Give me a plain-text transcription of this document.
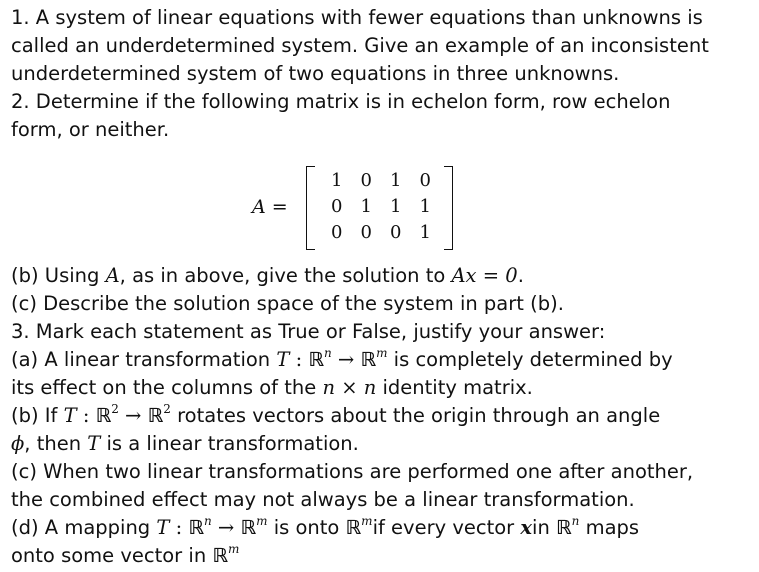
1. A system of linear equations with fewer equations than unknowns is
called an underdetermined system. Give an example of an inconsistent
underdetermined system of two equations in three unknowns.
2. Determine if the following matrix is in echelon form, row echelon
form, or neither.
A =
1	0	1	0
0	1	1	1
0	0	0	1
(b) Using A, as in above, give the solution to Ax = 0.
(c) Describe the solution space of the system in part (b).
3. Mark each statement as True or False, justify your answer:
(a) A linear transformation T : ℝ$^n$ → ℝ$^m$ is completely determined by
its effect on the columns of the n × n identity matrix.
(b) If T : ℝ$^2$ → ℝ$^2$ rotates vectors about the origin through an angle
ϕ, then T is a linear transformation.
(c) When two linear transformations are performed one after another,
the combined effect may not always be a linear transformation.
(d) A mapping T : ℝ$^n$ → ℝ$^m$ is onto ℝ$^m$if every vector xin ℝ$^n$ maps
onto some vector in ℝ$^m$
